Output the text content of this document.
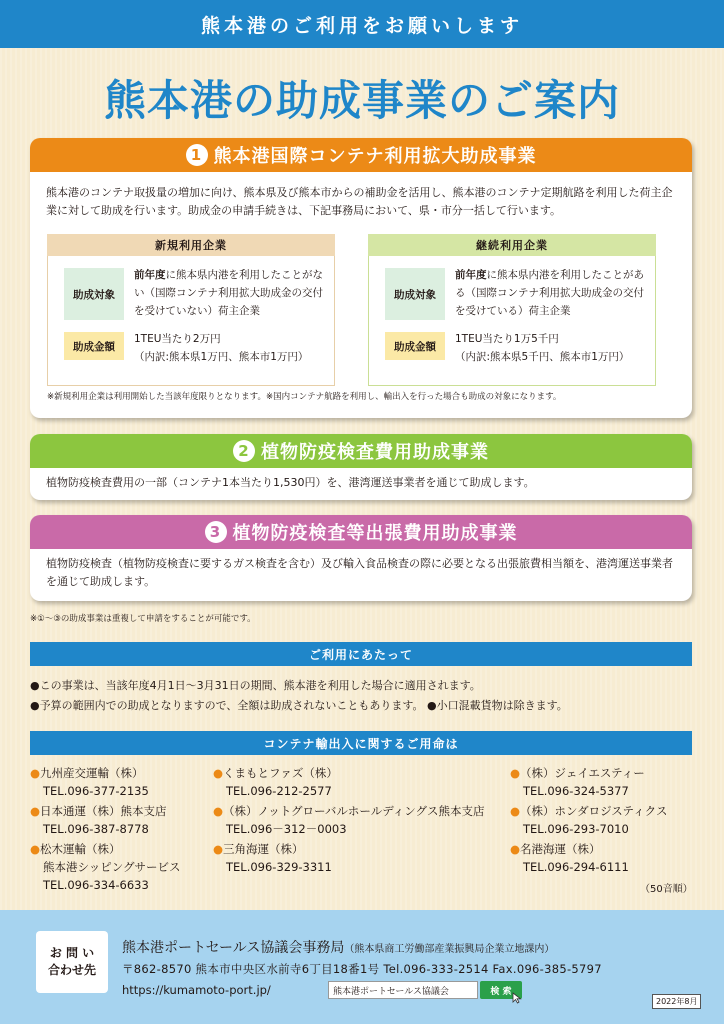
熊本港のご利用をお願いします
熊本港の助成事業のご案内
1 熊本港国際コンテナ利用拡大助成事業
熊本港のコンテナ取扱量の増加に向け、熊本県及び熊本市からの補助金を活用し、熊本港のコンテナ定期航路を利用した荷主企業に対して助成を行います。助成金の申請手続きは、下記事務局において、県・市分一括して行います。
新規利用企業
助成対象
前年度に熊本県内港を利用したことがない（国際コンテナ利用拡大助成金の交付を受けていない）荷主企業
助成金額
1TEU当たり2万円
（内訳:熊本県1万円、熊本市1万円）
継続利用企業
助成対象
前年度に熊本県内港を利用したことがある（国際コンテナ利用拡大助成金の交付を受けている）荷主企業
助成金額
1TEU当たり1万5千円
（内訳:熊本県5千円、熊本市1万円）
※新規利用企業は利用開始した当該年度限りとなります。※国内コンテナ航路を利用し、輸出入を行った場合も助成の対象になります。
2 植物防疫検査費用助成事業
植物防疫検査費用の一部（コンテナ1本当たり1,530円）を、港湾運送事業者を通じて助成します。
3 植物防疫検査等出張費用助成事業
植物防疫検査（植物防疫検査に要するガス検査を含む）及び輸入食品検査の際に必要となる出張旅費相当額を、港湾運送事業者を通じて助成します。
※①～③の助成事業は重複して申請をすることが可能です。
ご利用にあたって
●この事業は、当該年度4月1日～3月31日の期間、熊本港を利用した場合に適用されます。
●予算の範囲内での助成となりますので、全額は助成されないこともあります。 ●小口混載貨物は除きます。
コンテナ輸出入に関するご用命は
●九州産交運輸（株）
TEL.096-377-2135
●日本通運（株）熊本支店
TEL.096-387-8778
●松木運輸（株）
熊本港シッピングサービス
TEL.096-334-6633
●くまもとファズ（株）
TEL.096-212-2577
●（株）ノットグローバルホールディングス熊本支店
TEL.096－312－0003
●三角海運（株）
TEL.096-329-3311
●（株）ジェイエスティー
TEL.096-324-5377
●（株）ホンダロジスティクス
TEL.096-293-7010
●名港海運（株）
TEL.096-294-6111
（50音順）
お 問 い
合わせ先
熊本港ポートセールス協議会事務局（熊本県商工労働部産業振興局企業立地課内）
〒862-8570 熊本市中央区水前寺6丁目18番1号 Tel.096-333-2514 Fax.096-385-5797
https://kumamoto-port.jp/	熊本港ポートセールス協議会	検 索
2022年8月
